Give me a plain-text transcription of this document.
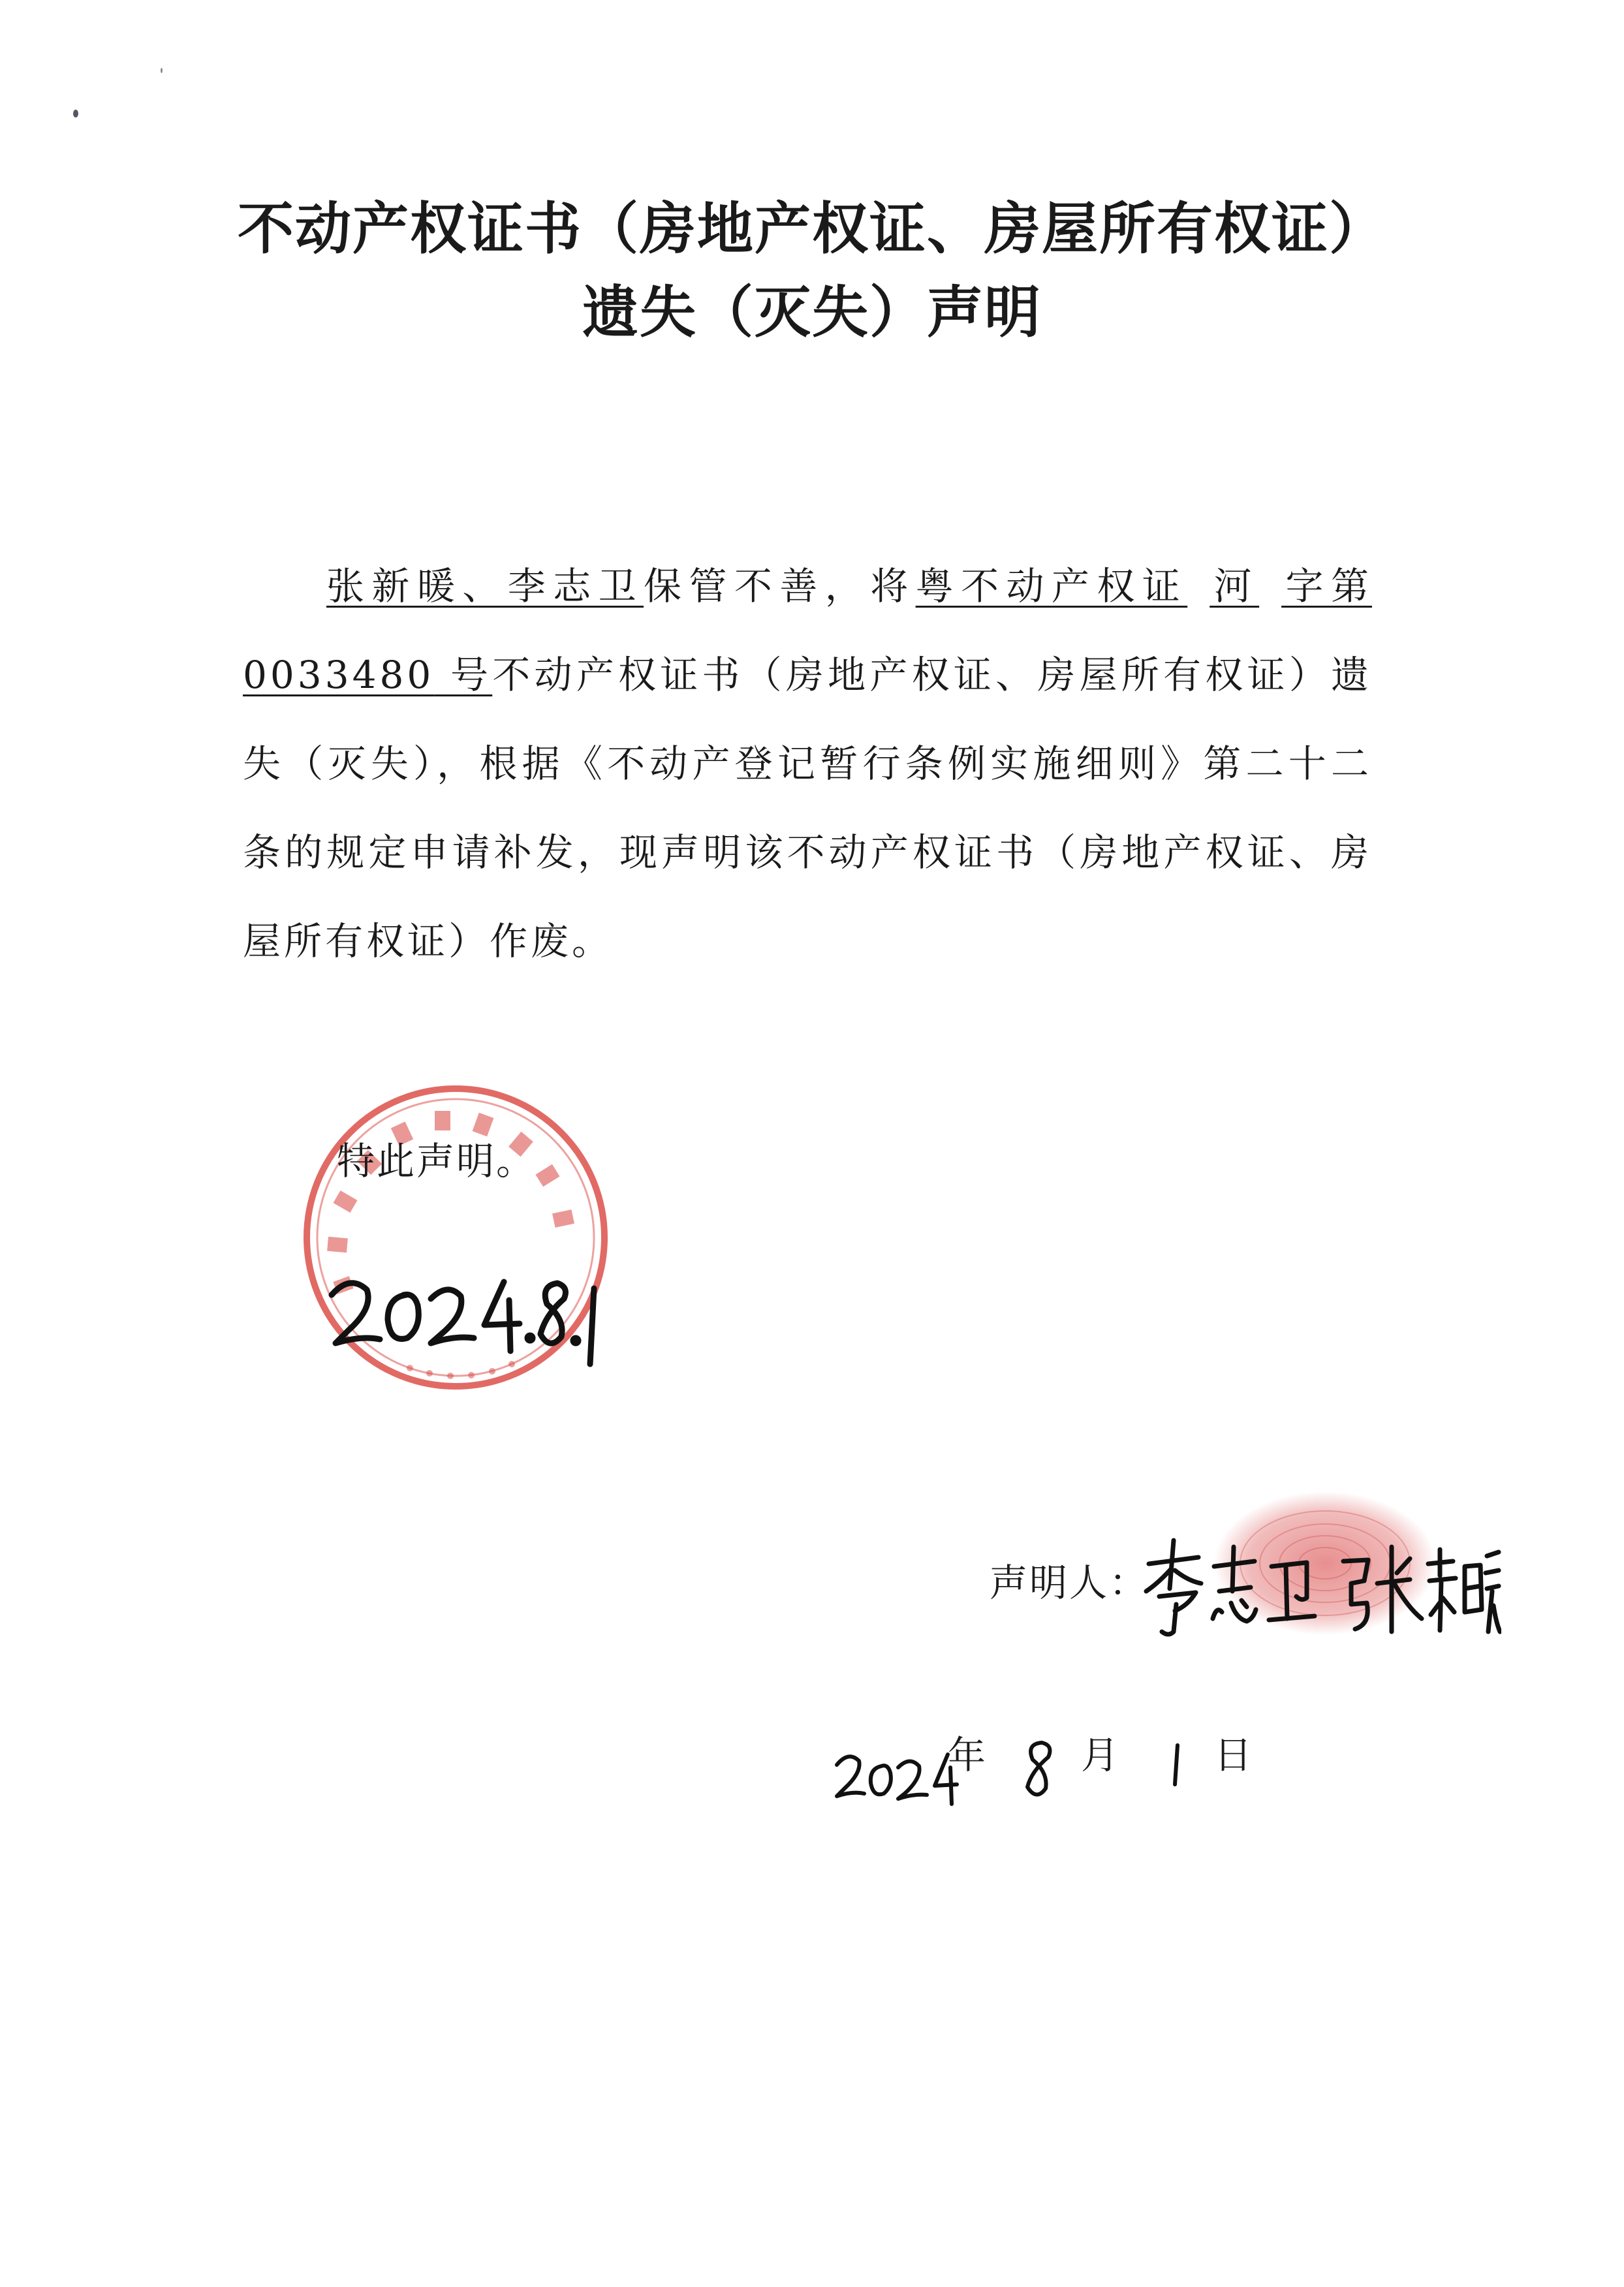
不动产权证书（房地产权证、房屋所有权证）
遗失（灭失）声明
张新暖、李志卫保管不善，将粤不动产权证 河 字第0033480 号不动产权证书（房地产权证、房屋所有权证）遗失（灭失），根据《不动产登记暂行条例实施细则》第二十二条的规定申请补发，现声明该不动产权证书（房地产权证、房屋所有权证）作废。
特此声明。
声明人：
年	月	日
